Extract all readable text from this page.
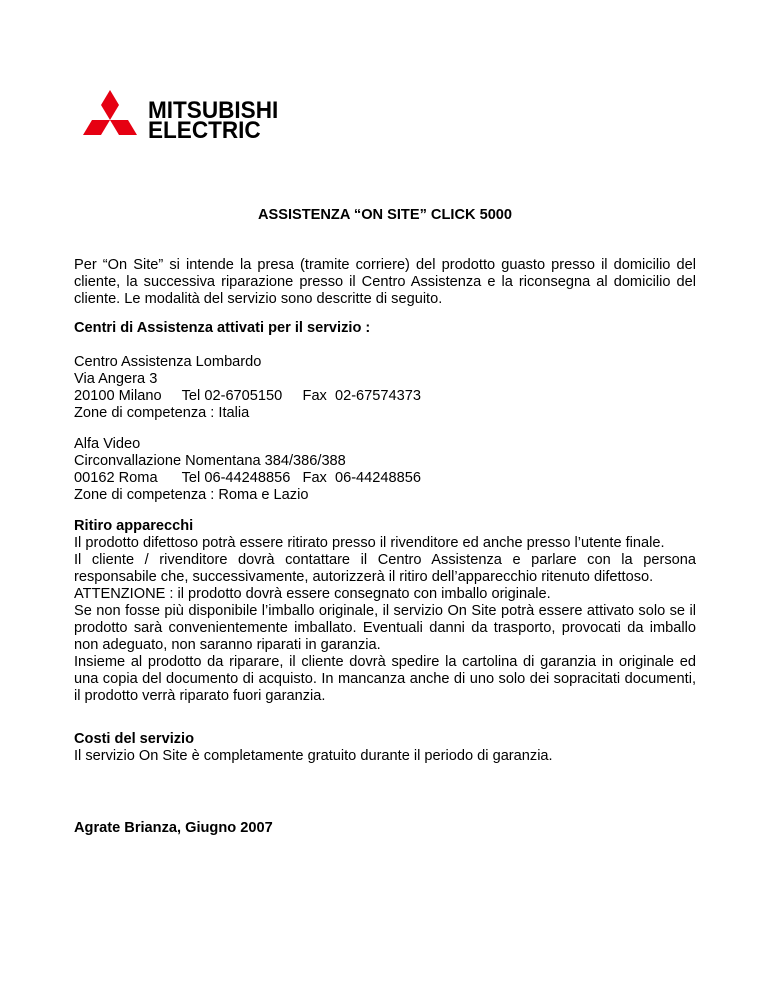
MITSUBISHI
ELECTRIC
ASSISTENZA “ON SITE” CLICK 5000

Per “On Site” si intende la presa (tramite corriere) del prodotto guasto presso il domicilio del cliente, la successiva riparazione presso il Centro Assistenza e la riconsegna al domicilio del cliente. Le modalità del servizio sono descritte di seguito.

Centri di Assistenza attivati per il servizio :

Centro Assistenza Lombardo
Via Angera 3
20100 Milano     Tel 02-6705150     Fax  02-67574373
Zone di competenza : Italia
Alfa Video
Circonvallazione Nomentana 384/386/388
00162 Roma      Tel 06-44248856   Fax  06-44248856
Zone di competenza : Roma e Lazio

Ritiro apparecchi

Il prodotto difettoso potrà essere ritirato presso il rivenditore ed anche presso l’utente finale.

Il cliente / rivenditore dovrà contattare il Centro Assistenza e parlare con la persona responsabile che, successivamente, autorizzerà il ritiro dell’apparecchio ritenuto difettoso.

ATTENZIONE : il prodotto dovrà essere consegnato con imballo originale.

Se non fosse più disponibile l’imballo originale, il servizio On Site potrà essere attivato solo se il prodotto sarà convenientemente imballato. Eventuali danni da trasporto, provocati da imballo non adeguato, non saranno riparati in garanzia.

Insieme al prodotto da riparare, il cliente dovrà spedire la cartolina di garanzia in originale ed una copia del documento di acquisto. In mancanza anche di uno solo dei sopracitati documenti, il prodotto verrà riparato fuori garanzia.

Costi del servizio

Il servizio On Site è completamente gratuito durante il periodo di garanzia.

Agrate Brianza, Giugno 2007
